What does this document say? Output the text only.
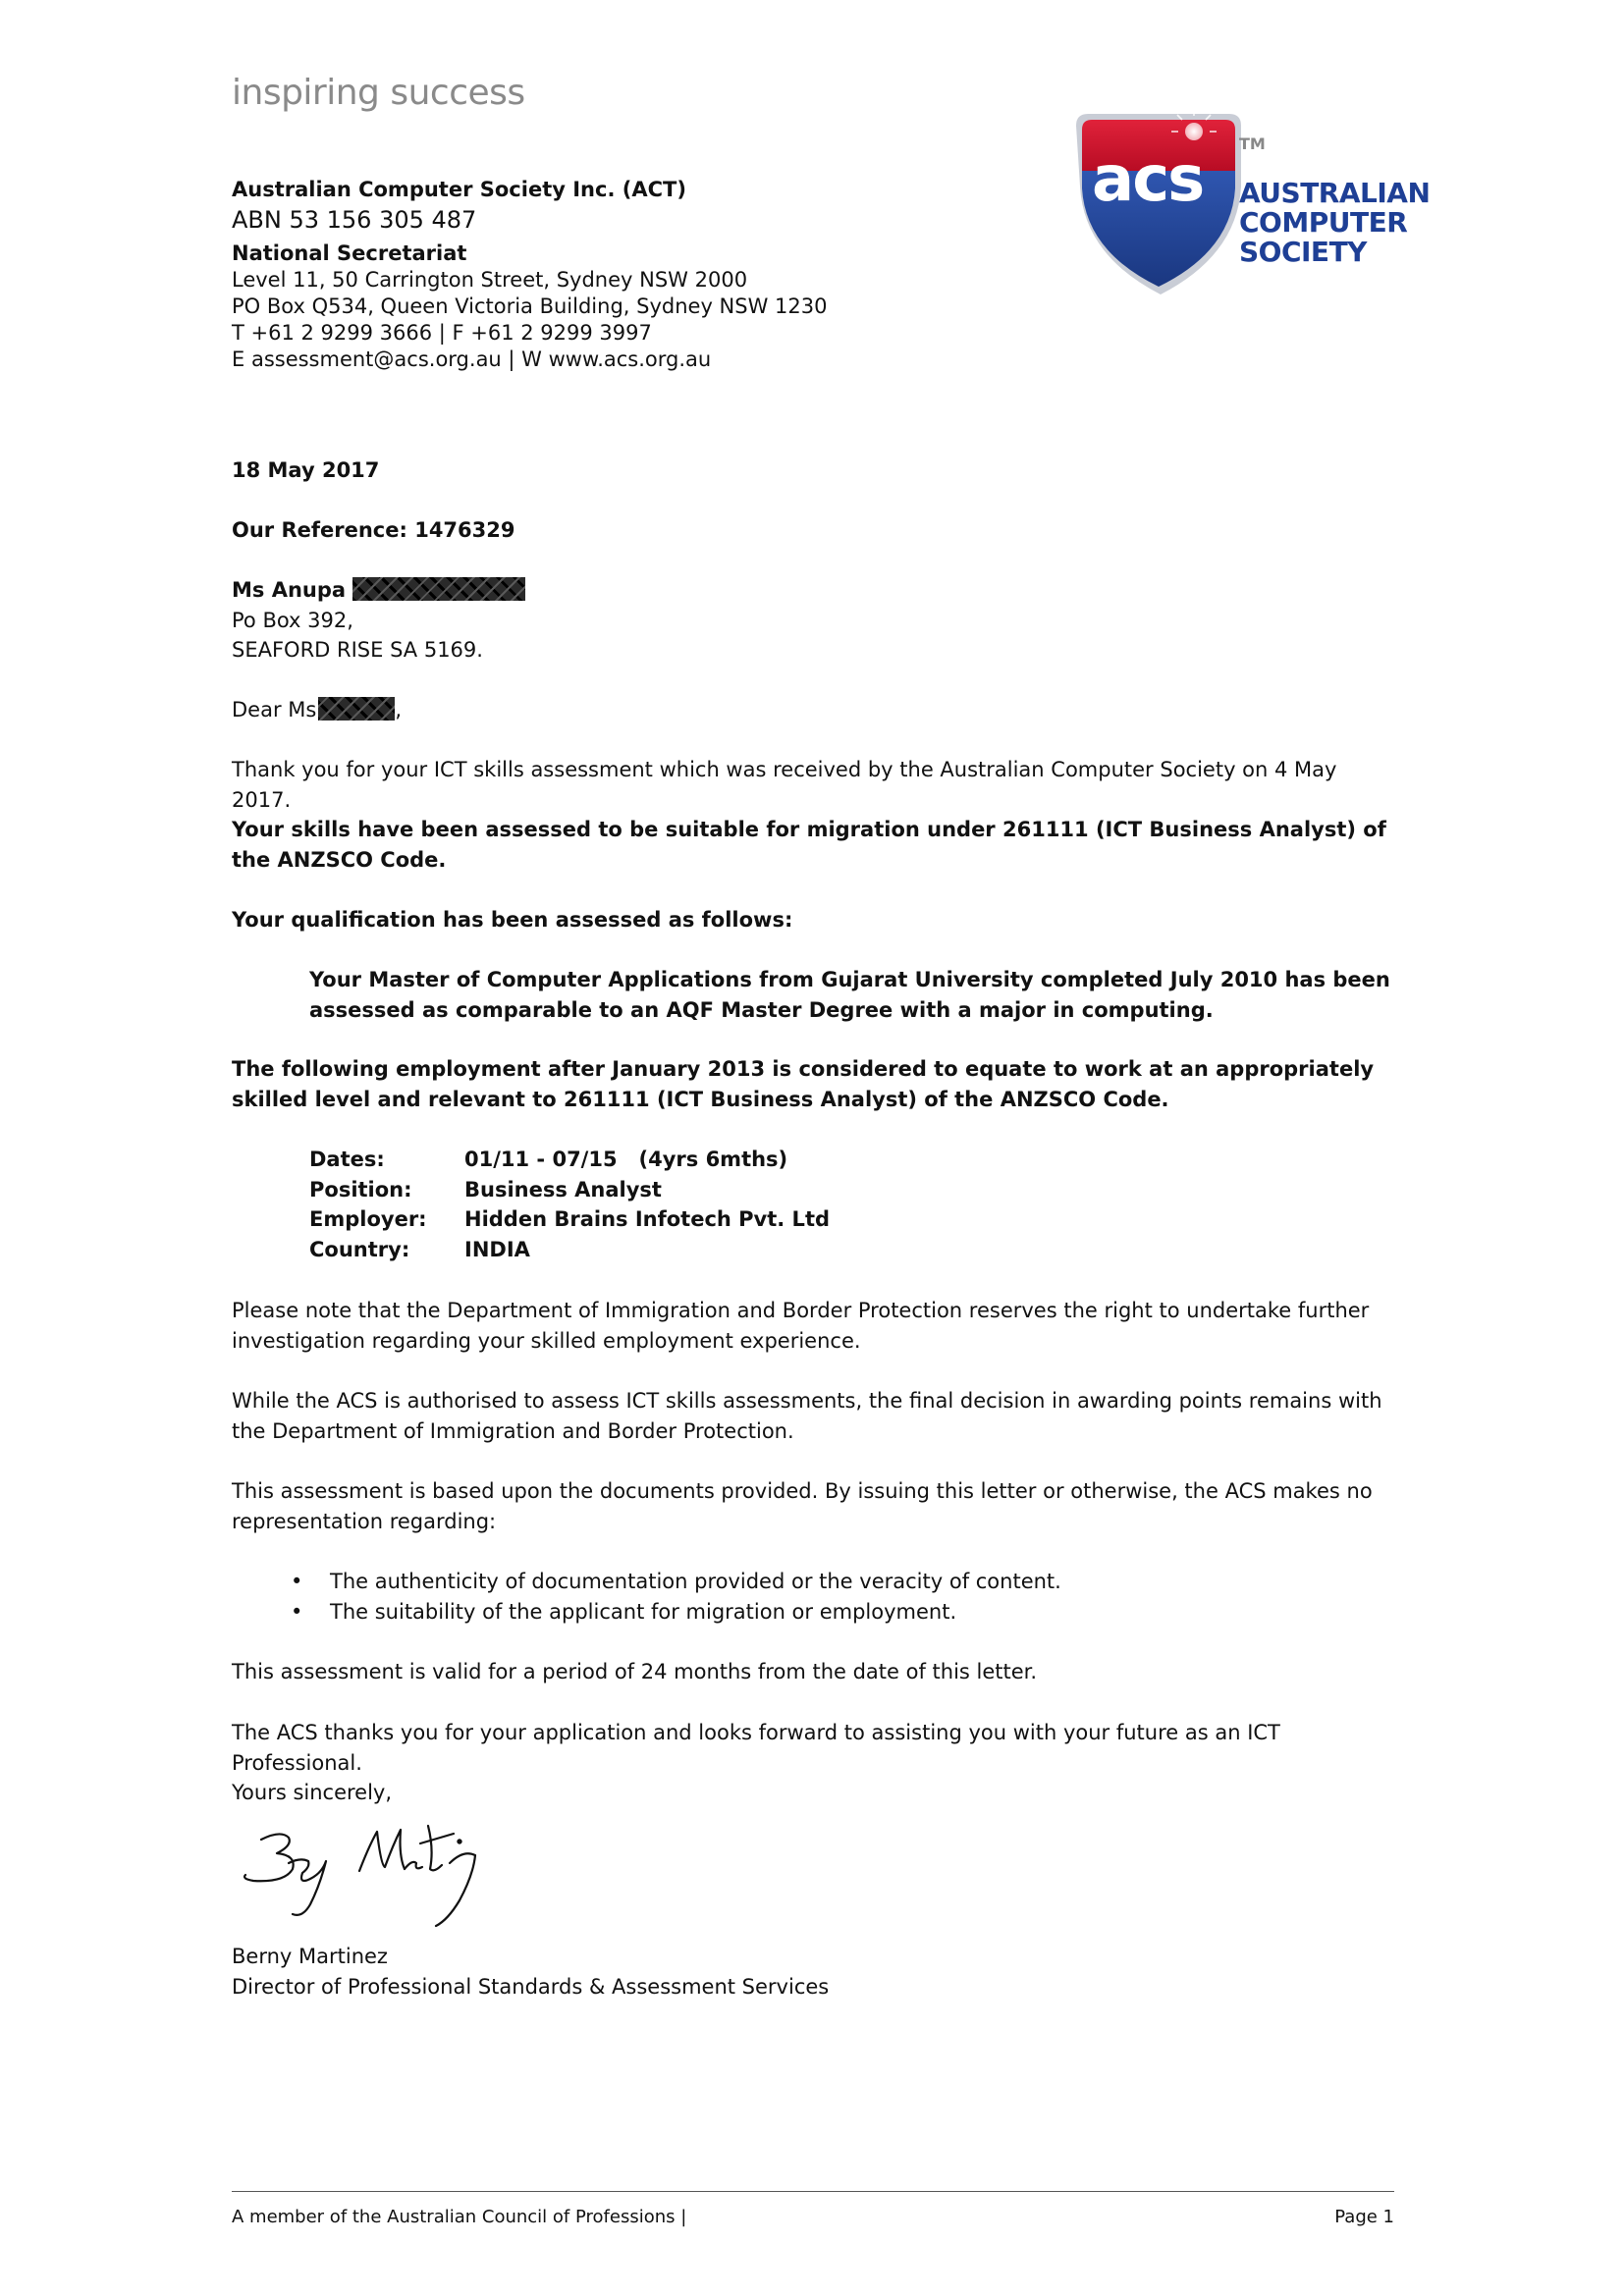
inspiring success
acs TM
AUSTRALIAN
COMPUTER
SOCIETY
Australian Computer Society Inc. (ACT)
ABN 53 156 305 487
National Secretariat
Level 11, 50 Carrington Street, Sydney NSW 2000
PO Box Q534, Queen Victoria Building, Sydney NSW 1230
T +61 2 9299 3666 | F +61 2 9299 3997
E assessment@acs.org.au | W www.acs.org.au
18 May 2017
Our Reference: 1476329
Ms Anupa
Po Box 392,
SEAFORD RISE SA 5169.
Dear Ms	,
Thank you for your ICT skills assessment which was received by the Australian Computer Society on 4 May 2017.
Your skills have been assessed to be suitable for migration under 261111 (ICT Business Analyst) of the ANZSCO Code.
Your qualification has been assessed as follows:
Your Master of Computer Applications from Gujarat University completed July 2010 has been assessed as comparable to an AQF Master Degree with a major in computing.
The following employment after January 2013 is considered to equate to work at an appropriately skilled level and relevant to 261111 (ICT Business Analyst) of the ANZSCO Code.
Dates:	01/11 - 07/15   (4yrs 6mths)
Position:	Business Analyst
Employer:	Hidden Brains Infotech Pvt. Ltd
Country:	INDIA
Please note that the Department of Immigration and Border Protection reserves the right to undertake further investigation regarding your skilled employment experience.
While the ACS is authorised to assess ICT skills assessments, the final decision in awarding points remains with the Department of Immigration and Border Protection.
This assessment is based upon the documents provided. By issuing this letter or otherwise, the ACS makes no representation regarding:
• The authenticity of documentation provided or the veracity of content.
• The suitability of the applicant for migration or employment.
This assessment is valid for a period of 24 months from the date of this letter.
The ACS thanks you for your application and looks forward to assisting you with your future as an ICT Professional.
Yours sincerely,
Berny Martinez
Director of Professional Standards & Assessment Services
A member of the Australian Council of Professions |	Page 1
